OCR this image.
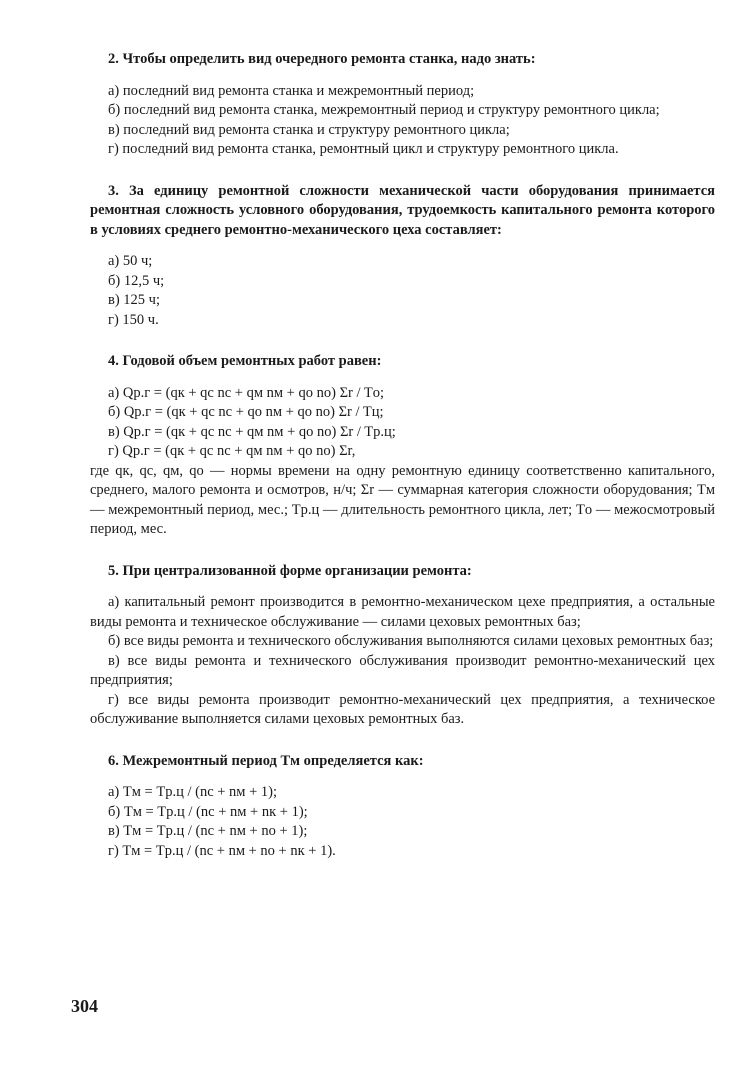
2. Чтобы определить вид очередного ремонта станка, надо знать:

а) последний вид ремонта станка и межремонтный период;

б) последний вид ремонта станка, межремонтный период и структуру ремонтного цикла;

в) последний вид ремонта станка и структуру ремонтного цикла;

г) последний вид ремонта станка, ремонтный цикл и структуру ремонтного цикла.

3. За единицу ремонтной сложности механической части оборудования принимается ремонтная сложность условного оборудования, трудоемкость капитального ремонта которого в условиях среднего ремонтно-механического цеха составляет:

а) 50 ч;

б) 12,5 ч;

в) 125 ч;

г) 150 ч.

4. Годовой объем ремонтных работ равен:

а) Qр.г = (qк + qс nс + qм nм + qо nо) Σr / Tо;

б) Qр.г = (qк + qс nс + qо nм + qо nо) Σr / Tц;

в) Qр.г = (qк + qс nс + qм nм + qо nо) Σr / Tр.ц;

г) Qр.г = (qк + qс nс + qм nм + qо nо) Σr,

где qк, qс, qм, qо — нормы времени на одну ремонтную единицу соответственно капитального, среднего, малого ремонта и осмотров, н/ч; Σr — суммарная категория сложности оборудования; Tм — межремонтный период, мес.; Tр.ц — длительность ремонтного цикла, лет; Tо — межосмотровый период, мес.

5. При централизованной форме организации ремонта:

а) капитальный ремонт производится в ремонтно-механическом цехе предприятия, а остальные виды ремонта и техническое обслуживание — силами цеховых ремонтных баз;

б) все виды ремонта и технического обслуживания выполняются силами цеховых ремонтных баз;

в) все виды ремонта и технического обслуживания производит ремонтно-механический цех предприятия;

г) все виды ремонта производит ремонтно-механический цех предприятия, а техническое обслуживание выполняется силами цеховых ремонтных баз.

6. Межремонтный период Tм определяется как:

а) Tм = Tр.ц / (nс + nм + 1);

б) Tм = Tр.ц / (nс + nм + nк + 1);

в) Tм = Tр.ц / (nс + nм + nо + 1);

г) Tм = Tр.ц / (nс + nм + nо + nк + 1).

304
